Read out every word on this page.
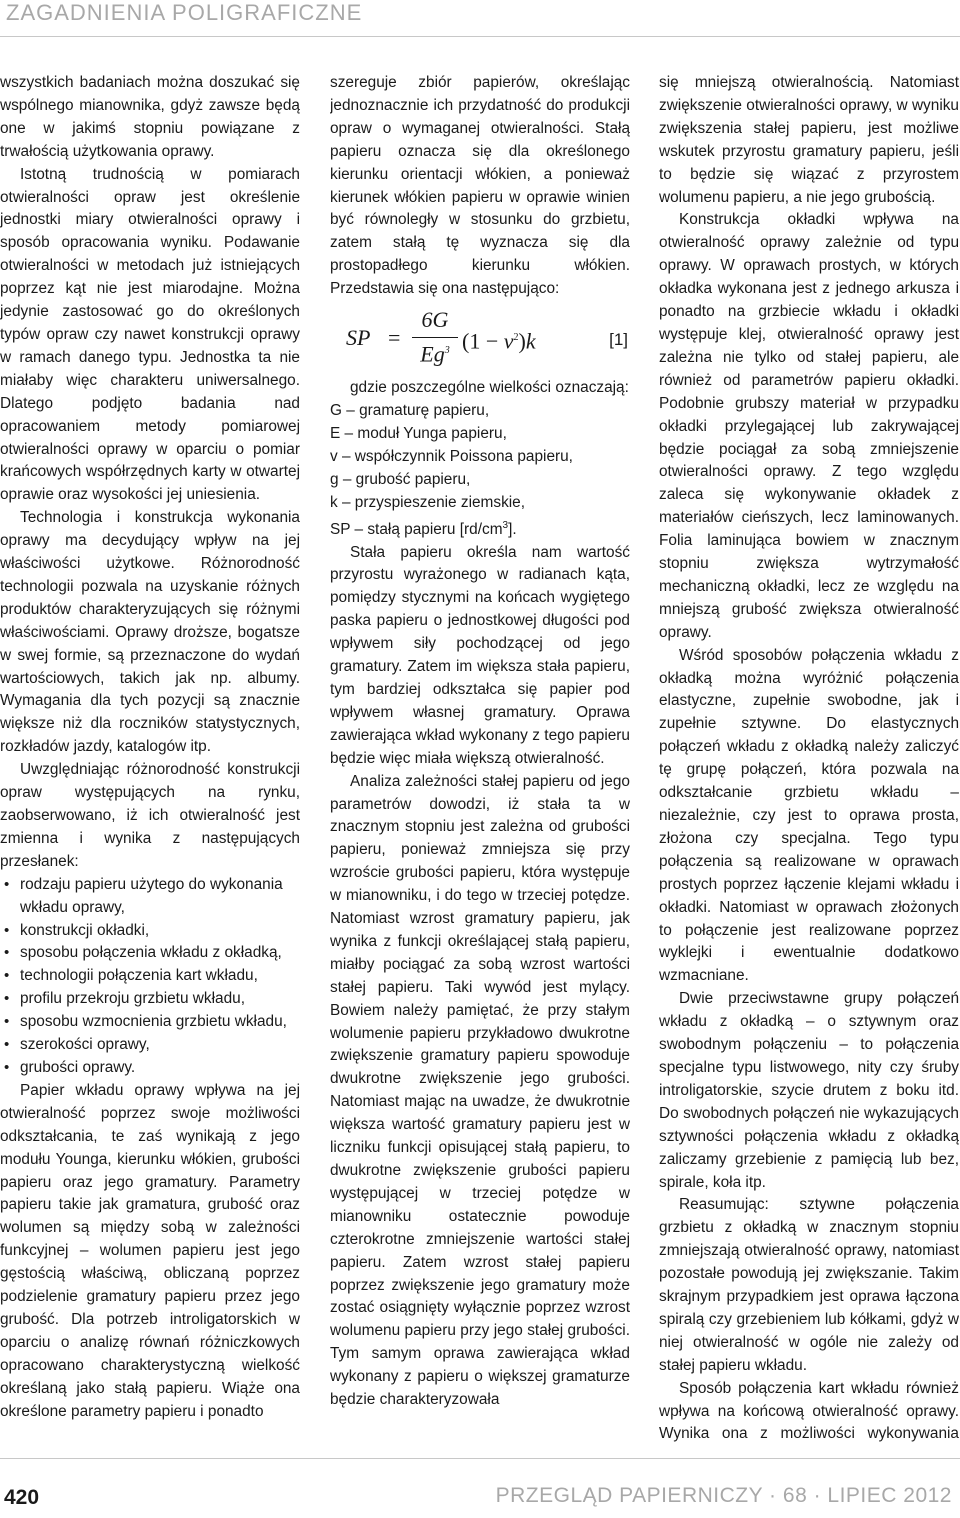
ZAGADNIENIA POLIGRAFICZNE

wszystkich badaniach można doszukać się wspólnego mianownika, gdyż zawsze będą one w jakimś stopniu powiązane z trwałością użytkowania oprawy.

Istotną trudnością w pomiarach otwieralności opraw jest określenie jednostki miary otwieralności oprawy i sposób opracowania wyniku. Podawanie otwieralności w metodach już istniejących poprzez kąt nie jest miarodajne. Można jedynie zastosować go do określonych typów opraw czy nawet konstrukcji oprawy w ramach danego typu. Jednostka ta nie miałaby więc charakteru uniwersalnego. Dlatego podjęto badania nad opracowaniem metody pomiarowej otwieralności oprawy w oparciu o pomiar krańcowych współrzędnych karty w otwartej oprawie oraz wysokości jej uniesienia.

Technologia i konstrukcja wykonania oprawy ma decydujący wpływ na jej właściwości użytkowe. Różnorodność technologii pozwala na uzyskanie różnych produktów charakteryzujących się różnymi właściwościami. Oprawy droższe, bogatsze w swej formie, są przeznaczone do wydań wartościowych, takich jak np. albumy. Wymagania dla tych pozycji są znacznie większe niż dla roczników statystycznych, rozkładów jazdy, katalogów itp.

Uwzględniając różnorodność konstrukcji opraw występujących na rynku, zaobserwowano, iż ich otwieralność jest zmienna i wynika z następujących przesłanek:

• rodzaju papieru użytego do wykonania wkładu oprawy,
• konstrukcji okładki,
• sposobu połączenia wkładu z okładką,
• technologii połączenia kart wkładu,
• profilu przekroju grzbietu wkładu,
• sposobu wzmocnienia grzbietu wkładu,
• szerokości oprawy,
• grubości oprawy.

Papier wkładu oprawy wpływa na jej otwieralność poprzez swoje możliwości odkształcania, te zaś wynikają z jego modułu Younga, kierunku włókien, grubości papieru oraz jego gramatury. Parametry papieru takie jak gramatura, grubość oraz wolumen są między sobą w zależności funkcyjnej – wolumen papieru jest jego gęstością właściwą, obliczaną poprzez podzielenie gramatury papieru przez jego grubość. Dla potrzeb introligatorskich w oparciu o analizę równań różniczkowych opracowano charakterystyczną wielkość określaną jako stałą papieru. Wiąże ona określone parametry papieru i ponadto

szereguje zbiór papierów, określając jednoznacznie ich przydatność do produkcji opraw o wymaganej otwieralności. Stałą papieru oznacza się dla określonego kierunku orientacji włókien, a ponieważ kierunek włókien papieru w oprawie winien być równoległy w stosunku do grzbietu, zatem stałą tę wyznacza się dla prostopadłego kierunku włókien. Przedstawia się ona następująco:

SP =
6G
Eg$^3$ $(1 - v^2)k$	[1]

gdzie poszczególne wielkości oznaczają:

G – gramaturę papieru,

E – moduł Yunga papieru,

v – współczynnik Poissona papieru,

g – grubość papieru,

k – przyspieszenie ziemskie,

SP – stałą papieru $[rd/cm^3]$.

Stała papieru określa nam wartość przyrostu wyrażonego w radianach kąta, pomiędzy stycznymi na końcach wygiętego paska papieru o jednostkowej długości pod wpływem siły pochodzącej od jego gramatury. Zatem im większa stała papieru, tym bardziej odkształca się papier pod wpływem własnej gramatury. Oprawa zawierająca wkład wykonany z tego papieru będzie więc miała większą otwieralność.

Analiza zależności stałej papieru od jego parametrów dowodzi, iż stała ta w znacznym stopniu jest zależna od grubości papieru, ponieważ zmniejsza się przy wzroście grubości papieru, która występuje w mianowniku, i do tego w trzeciej potędze. Natomiast wzrost gramatury papieru, jak wynika z funkcji określającej stałą papieru, miałby pociągać za sobą wzrost wartości stałej papieru. Taki wywód jest mylący. Bowiem należy pamiętać, że przy stałym wolumenie papieru przykładowo dwukrotne zwiększenie gramatury papieru spowoduje dwukrotne zwiększenie jego grubości. Natomiast mając na uwadze, że dwukrotnie większa wartość gramatury papieru jest w liczniku funkcji opisującej stałą papieru, to dwukrotne zwiększenie grubości papieru występującej w trzeciej potędze w mianowniku ostatecznie powoduje czterokrotne zmniejszenie wartości stałej papieru. Zatem wzrost stałej papieru poprzez zwiększenie jego gramatury może zostać osiągnięty wyłącznie poprzez wzrost wolumenu papieru przy jego stałej grubości. Tym samym oprawa zawierająca wkład wykonany z papieru o większej gramaturze będzie charakteryzowała

się mniejszą otwieralnością. Natomiast zwiększenie otwieralności oprawy, w wyniku zwiększenia stałej papieru, jest możliwe wskutek przyrostu gramatury papieru, jeśli to będzie się wiązać z przyrostem wolumenu papieru, a nie jego grubością.

Konstrukcja okładki wpływa na otwieralność oprawy zależnie od typu oprawy. W oprawach prostych, w których okładka wykonana jest z jednego arkusza i ponadto na grzbiecie wkładu i okładki występuje klej, otwieralność oprawy jest zależna nie tylko od stałej papieru, ale również od parametrów papieru okładki. Podobnie grubszy materiał w przypadku okładki przylegającej lub zakrywającej będzie pociągał za sobą zmniejszenie otwieralności oprawy. Z tego względu zaleca się wykonywanie okładek z materiałów cieńszych, lecz laminowanych. Folia laminująca bowiem w znacznym stopniu zwiększa wytrzymałość mechaniczną okładki, lecz ze względu na mniejszą grubość zwiększa otwieralność oprawy.

Wśród sposobów połączenia wkładu z okładką można wyróżnić połączenia elastyczne, zupełnie swobodne, jak i zupełnie sztywne. Do elastycznych połączeń wkładu z okładką należy zaliczyć tę grupę połączeń, która pozwala na odkształcanie grzbietu wkładu – niezależnie, czy jest to oprawa prosta, złożona czy specjalna. Tego typu połączenia są realizowane w oprawach prostych poprzez łączenie klejami wkładu i okładki. Natomiast w oprawach złożonych to połączenie jest realizowane poprzez wyklejki i ewentualnie dodatkowo wzmacniane.

Dwie przeciwstawne grupy połączeń wkładu z okładką – o sztywnym oraz swobodnym połączeniu – to połączenia specjalne typu listwowego, nity czy śruby introligatorskie, szycie drutem z boku itd. Do swobodnych połączeń nie wykazujących sztywności połączenia wkładu z okładką zaliczamy grzebienie z pamięcią lub bez, spirale, koła itp.

Reasumując: sztywne połączenia grzbietu z okładką w znacznym stopniu zmniejszają otwieralność oprawy, natomiast pozostałe powodują jej zwiększanie. Takim skrajnym przypadkiem jest oprawa łączona spiralą czy grzebieniem lub kółkami, gdyż w niej otwieralność w ogóle nie zależy od stałej papieru wkładu.

Sposób połączenia kart wkładu również wpływa na końcową otwieralność oprawy. Wynika ona z możliwości wykonywania

420	PRZEGLĄD PAPIERNICZY · 68 · LIPIEC 2012
